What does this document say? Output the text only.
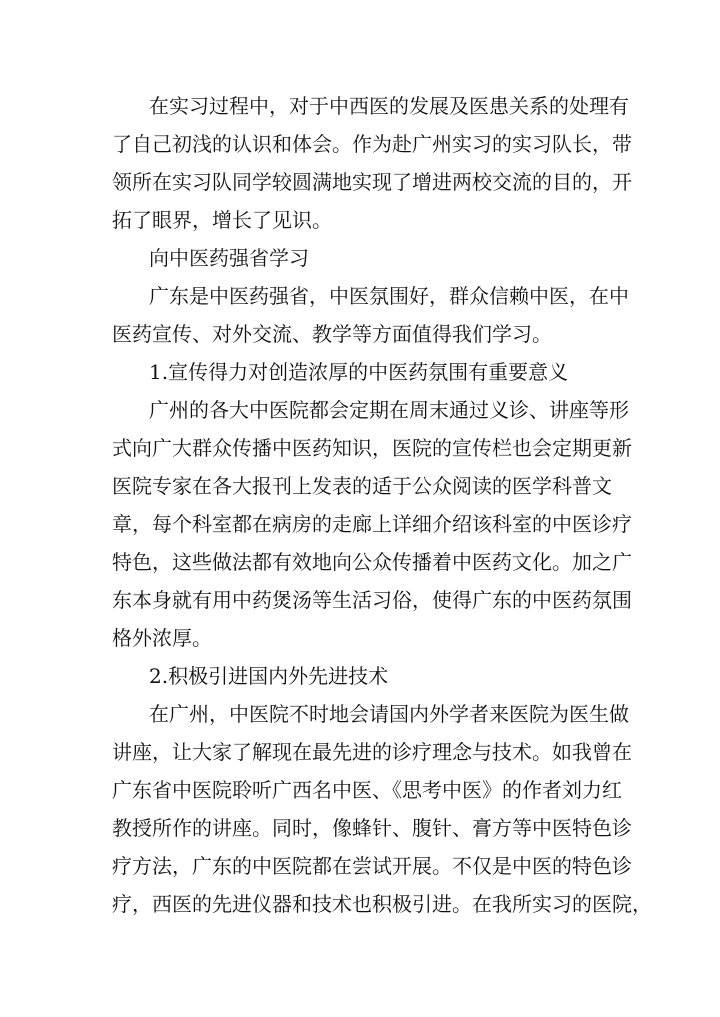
在实习过程中，对于中西医的发展及医患关系的处理有
了自己初浅的认识和体会。作为赴广州实习的实习队长，带
领所在实习队同学较圆满地实现了增进两校交流的目的，开
拓了眼界，增长了见识。
向中医药强省学习
广东是中医药强省，中医氛围好，群众信赖中医，在中
医药宣传、对外交流、教学等方面值得我们学习。
1.宣传得力对创造浓厚的中医药氛围有重要意义
广州的各大中医院都会定期在周末通过义诊、讲座等形
式向广大群众传播中医药知识，医院的宣传栏也会定期更新
医院专家在各大报刊上发表的适于公众阅读的医学科普文
章，每个科室都在病房的走廊上详细介绍该科室的中医诊疗
特色，这些做法都有效地向公众传播着中医药文化。加之广
东本身就有用中药煲汤等生活习俗，使得广东的中医药氛围
格外浓厚。
2.积极引进国内外先进技术
在广州，中医院不时地会请国内外学者来医院为医生做
讲座，让大家了解现在最先进的诊疗理念与技术。如我曾在
广东省中医院聆听广西名中医、《思考中医》的作者刘力红
教授所作的讲座。同时，像蜂针、腹针、膏方等中医特色诊
疗方法，广东的中医院都在尝试开展。不仅是中医的特色诊
疗，西医的先进仪器和技术也积极引进。在我所实习的医院，
